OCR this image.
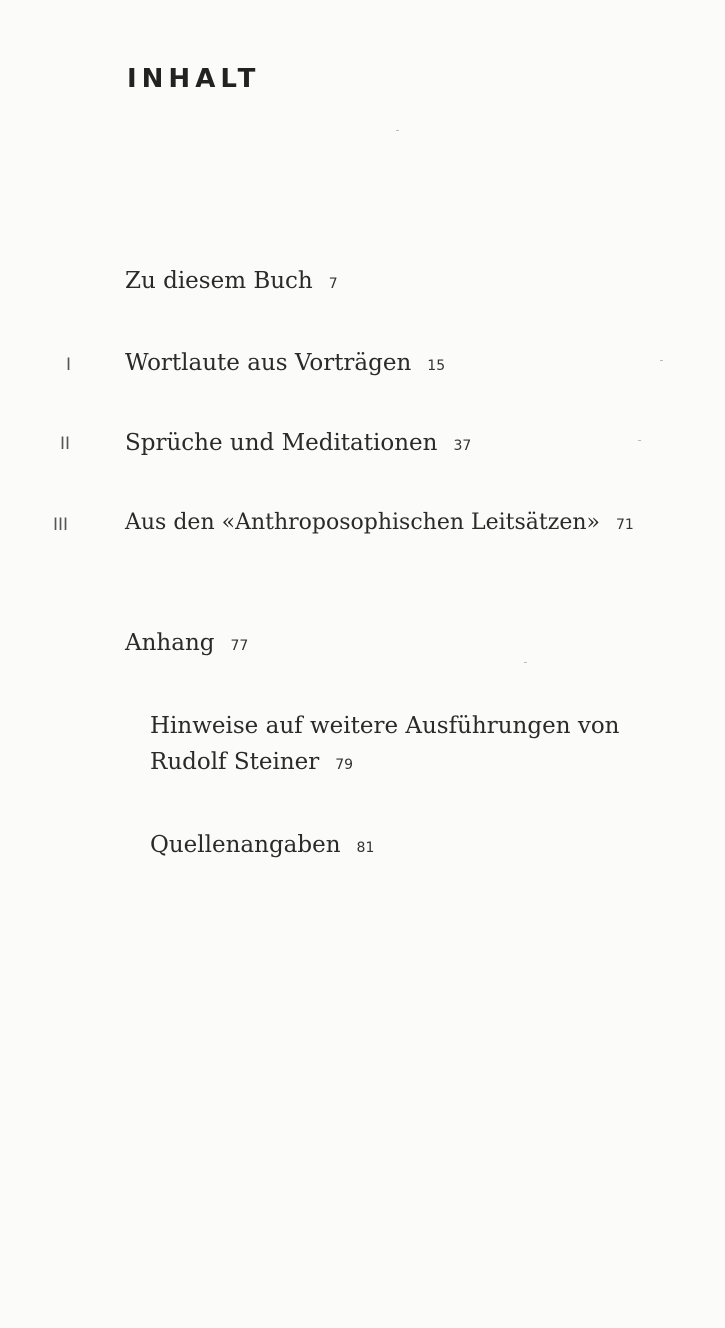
INHALT
Zu diesem Buch 7
I Wortlaute aus Vorträgen 15
II Sprüche und Meditationen 37
III	Aus den «Anthroposophischen Leitsätzen» 71
Anhang 77
Hinweise auf weitere Ausführungen von
Rudolf Steiner 79
Quellenangaben 81
